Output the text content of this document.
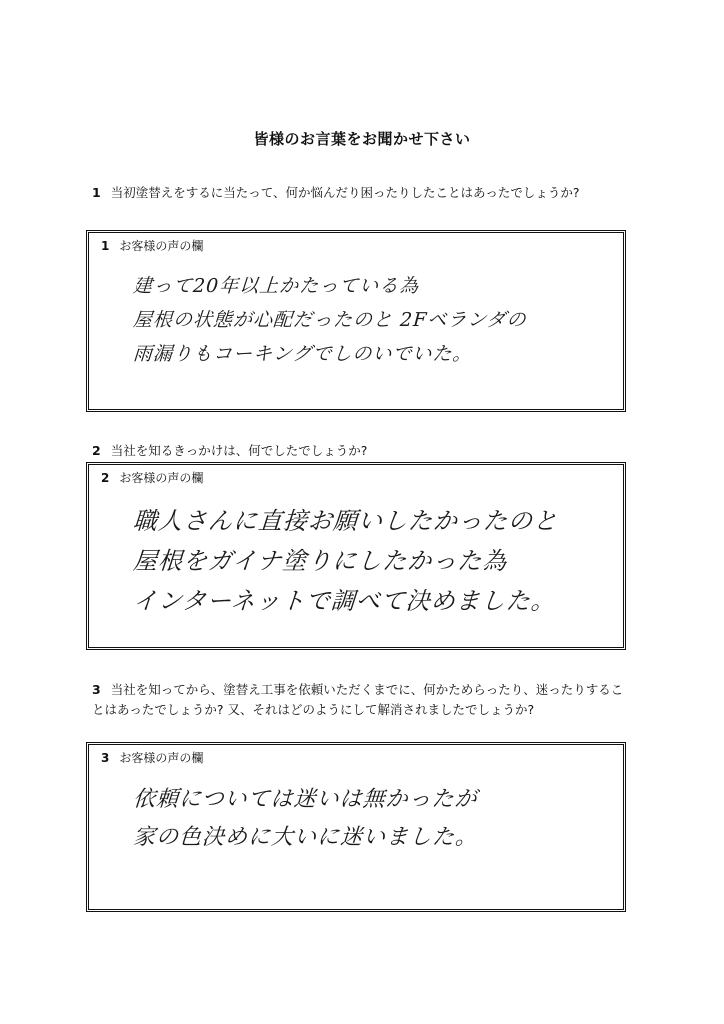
皆様のお言葉をお聞かせ下さい
1 当初塗替えをするに当たって、何か悩んだり困ったりしたことはあったでしょうか?
1 お客様の声の欄
建って20年以上かたっている為
屋根の状態が心配だったのと 2Fベランダの
雨漏りもコーキングでしのいでいた。
2 当社を知るきっかけは、何でしたでしょうか?
2 お客様の声の欄
職人さんに直接お願いしたかったのと
屋根をガイナ塗りにしたかった為
インターネットで調べて決めました。
3 当社を知ってから、塗替え工事を依頼いただくまでに、何かためらったり、迷ったりすることはあったでしょうか? 又、それはどのようにして解消されましたでしょうか?
3 お客様の声の欄
依頼については迷いは無かったが
家の色決めに大いに迷いました。
